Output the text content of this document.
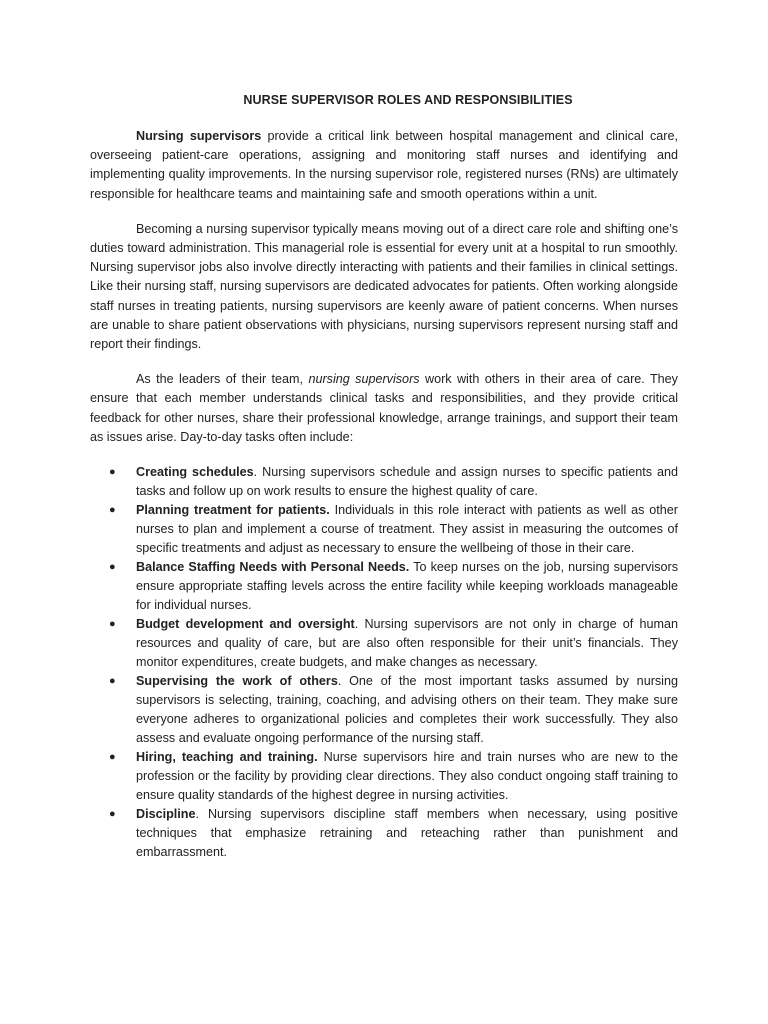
NURSE SUPERVISOR ROLES AND RESPONSIBILITIES

Nursing supervisors provide a critical link between hospital management and clinical care, overseeing patient-care operations, assigning and monitoring staff nurses and identifying and implementing quality improvements. In the nursing supervisor role, registered nurses (RNs) are ultimately responsible for healthcare teams and maintaining safe and smooth operations within a unit.

Becoming a nursing supervisor typically means moving out of a direct care role and shifting one’s duties toward administration. This managerial role is essential for every unit at a hospital to run smoothly. Nursing supervisor jobs also involve directly interacting with patients and their families in clinical settings. Like their nursing staff, nursing supervisors are dedicated advocates for patients. Often working alongside staff nurses in treating patients, nursing supervisors are keenly aware of patient concerns. When nurses are unable to share patient observations with physicians, nursing supervisors represent nursing staff and report their findings.

As the leaders of their team, nursing supervisors work with others in their area of care. They ensure that each member understands clinical tasks and responsibilities, and they provide critical feedback for other nurses, share their professional knowledge, arrange trainings, and support their team as issues arise. Day-to-day tasks often include:

● Creating schedules. Nursing supervisors schedule and assign nurses to specific patients and tasks and follow up on work results to ensure the highest quality of care.
● Planning treatment for patients. Individuals in this role interact with patients as well as other nurses to plan and implement a course of treatment. They assist in measuring the outcomes of specific treatments and adjust as necessary to ensure the wellbeing of those in their care.
● Balance Staffing Needs with Personal Needs. To keep nurses on the job, nursing supervisors ensure appropriate staffing levels across the entire facility while keeping workloads manageable for individual nurses.
● Budget development and oversight. Nursing supervisors are not only in charge of human resources and quality of care, but are also often responsible for their unit’s financials. They monitor expenditures, create budgets, and make changes as necessary.
● Supervising the work of others. One of the most important tasks assumed by nursing supervisors is selecting, training, coaching, and advising others on their team. They make sure everyone adheres to organizational policies and completes their work successfully. They also assess and evaluate ongoing performance of the nursing staff.
● Hiring, teaching and training. Nurse supervisors hire and train nurses who are new to the profession or the facility by providing clear directions. They also conduct ongoing staff training to ensure quality standards of the highest degree in nursing activities.
● Discipline. Nursing supervisors discipline staff members when necessary, using positive techniques that emphasize retraining and reteaching rather than punishment and embarrassment.
